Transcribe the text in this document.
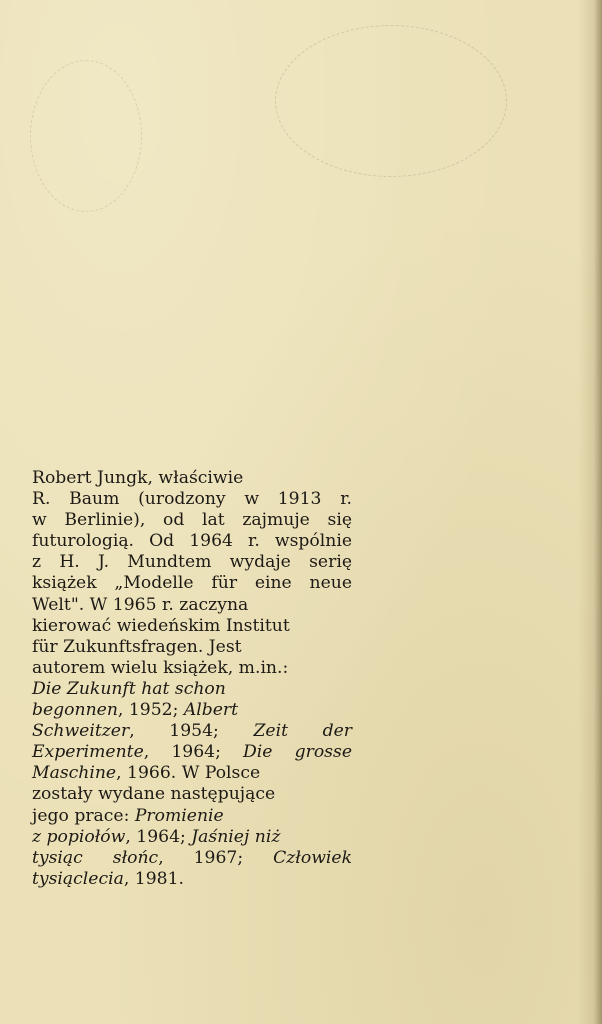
Robert Jungk, właściwie
R. Baum (urodzony w 1913 r.
w Berlinie), od lat zajmuje się
futurologią. Od 1964 r. wspólnie
z H. J. Mundtem wydaje serię
książek „Modelle für eine neue
Welt". W 1965 r. zaczyna
kierować wiedeńskim Institut
für Zukunftsfragen. Jest
autorem wielu książek, m.in.:
Die Zukunft hat schon
begonnen, 1952; Albert
Schweitzer, 1954; Zeit der
Experimente, 1964; Die grosse
Maschine, 1966. W Polsce
zostały wydane następujące
jego prace: Promienie
z popiołów, 1964; Jaśniej niż
tysiąc słońc, 1967; Człowiek
tysiąclecia, 1981.
